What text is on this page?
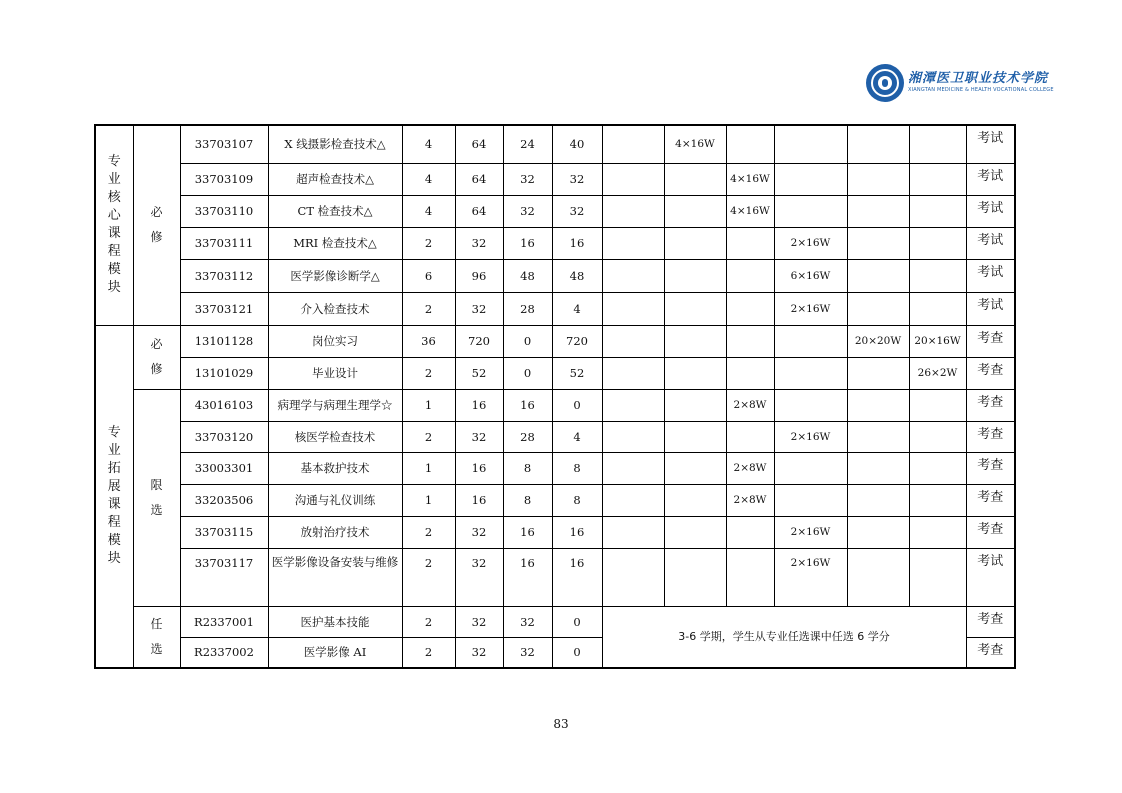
湘潭医卫职业技术学院
XIANGTAN MEDICINE & HEALTH VOCATIONAL COLLEGE
专业核心课程模块	必修	33703107	X 线摄影检查技术△	4	64	24	40		4×16W					考试
		33703109	超声检查技术△	4	64	32	32			4×16W				考试
		33703110	CT 检查技术△	4	64	32	32			4×16W				考试
		33703111	MRI 检查技术△	2	32	16	16				2×16W			考试
		33703112	医学影像诊断学△	6	96	48	48				6×16W			考试
		33703121	介入检查技术	2	32	28	4				2×16W			考试
专业拓展课程模块	必修	13101128	岗位实习	36	720	0	720					20×20W	20×16W	考查
		13101029	毕业设计	2	52	0	52						26×2W	考查
	限选	43016103	病理学与病理生理学☆	1	16	16	0			2×8W				考查
		33703120	核医学检查技术	2	32	28	4				2×16W			考查
		33003301	基本救护技术	1	16	8	8			2×8W				考查
		33203506	沟通与礼仪训练	1	16	8	8			2×8W				考查
		33703115	放射治疗技术	2	32	16	16				2×16W			考查
		33703117	医学影像设备安装与维修	2	32	16	16				2×16W			考试
	任选	R2337001	医护基本技能	2	32	32	0	3-6 学期，学生从专业任选课中任选 6 学分						考查
		R2337002	医学影像 AI	2	32	32	0							考查
83
